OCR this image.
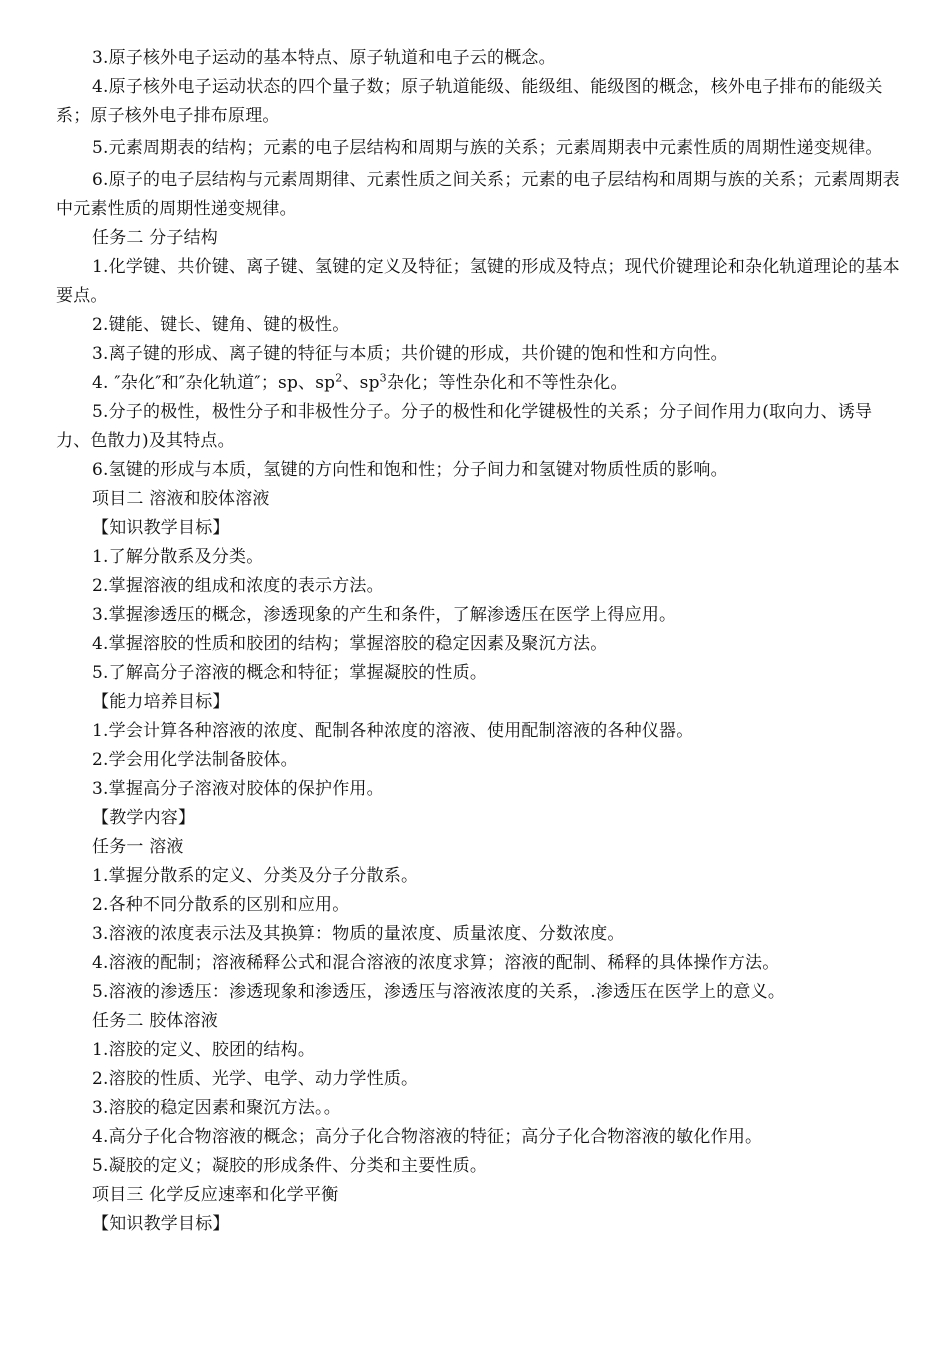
3.原子核外电子运动的基本特点、原子轨道和电子云的概念。

4.原子核外电子运动状态的四个量子数；原子轨道能级、能级组、能级图的概念，核外电子排布的能级关系；原子核外电子排布原理。

5.元素周期表的结构；元素的电子层结构和周期与族的关系；元素周期表中元素性质的周期性递变规律。

6.原子的电子层结构与元素周期律、元素性质之间关系；元素的电子层结构和周期与族的关系；元素周期表中元素性质的周期性递变规律。

任务二 分子结构

1.化学键、共价键、离子键、氢键的定义及特征；氢键的形成及特点；现代价键理论和杂化轨道理论的基本要点。

2.键能、键长、键角、键的极性。

3.离子键的形成、离子键的特征与本质；共价键的形成，共价键的饱和性和方向性。

4. ″杂化″和″杂化轨道″；sp、$sp^2$、$sp^3$杂化；等性杂化和不等性杂化。

5.分子的极性，极性分子和非极性分子。分子的极性和化学键极性的关系；分子间作用力(取向力、诱导力、色散力)及其特点。

6.氢键的形成与本质，氢键的方向性和饱和性；分子间力和氢键对物质性质的影响。

项目二 溶液和胶体溶液

【知识教学目标】

1.了解分散系及分类。

2.掌握溶液的组成和浓度的表示方法。

3.掌握渗透压的概念，渗透现象的产生和条件，了解渗透压在医学上得应用。

4.掌握溶胶的性质和胶团的结构；掌握溶胶的稳定因素及聚沉方法。

5.了解高分子溶液的概念和特征；掌握凝胶的性质。

【能力培养目标】

1.学会计算各种溶液的浓度、配制各种浓度的溶液、使用配制溶液的各种仪器。

2.学会用化学法制备胶体。

3.掌握高分子溶液对胶体的保护作用。

【教学内容】

任务一 溶液

1.掌握分散系的定义、分类及分子分散系。

2.各种不同分散系的区别和应用。

3.溶液的浓度表示法及其换算：物质的量浓度、质量浓度、分数浓度。

4.溶液的配制；溶液稀释公式和混合溶液的浓度求算；溶液的配制、稀释的具体操作方法。

5.溶液的渗透压：渗透现象和渗透压，渗透压与溶液浓度的关系，.渗透压在医学上的意义。

任务二 胶体溶液

1.溶胶的定义、胶团的结构。

2.溶胶的性质、光学、电学、动力学性质。

3.溶胶的稳定因素和聚沉方法。。

4.高分子化合物溶液的概念；高分子化合物溶液的特征；高分子化合物溶液的敏化作用。

5.凝胶的定义；凝胶的形成条件、分类和主要性质。

项目三 化学反应速率和化学平衡

【知识教学目标】
